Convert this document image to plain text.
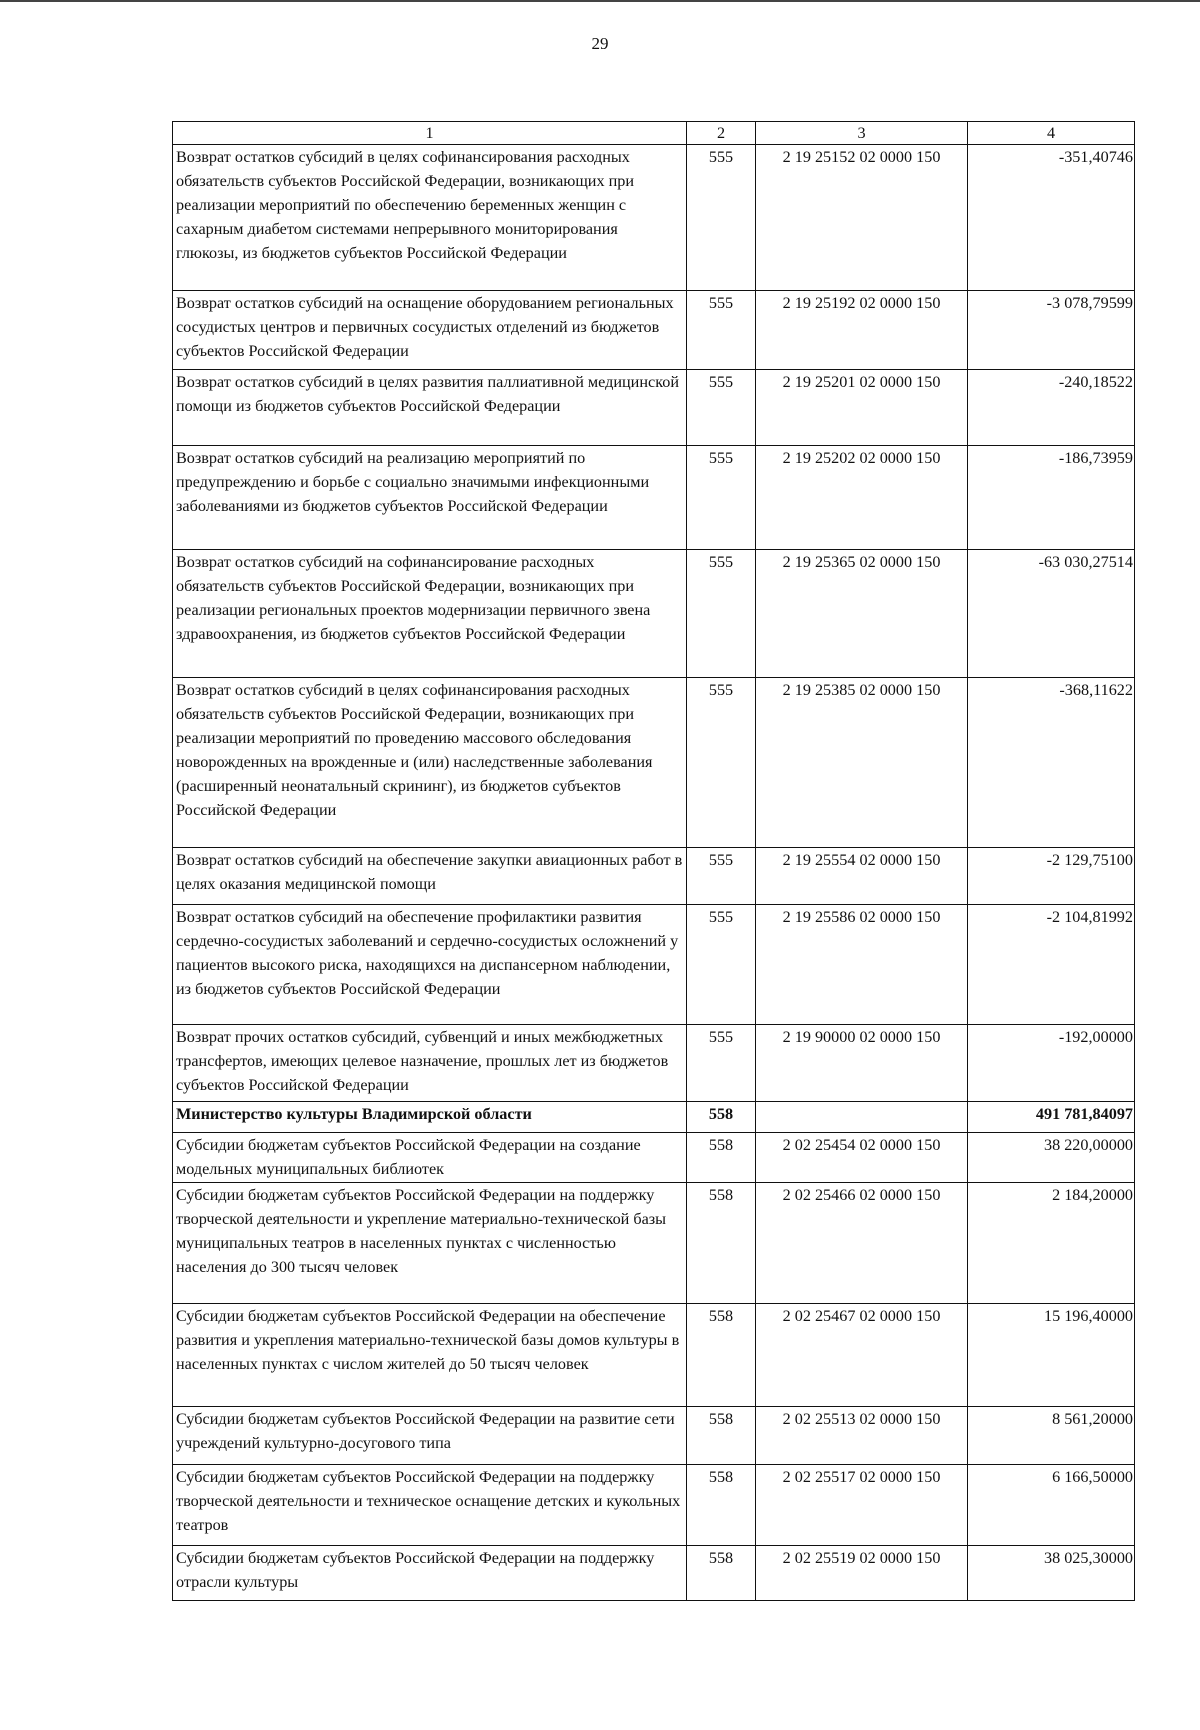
29
1	2	3	4
Возврат остатков субсидий в целях софинансирования расходных обязательств субъектов Российской Федерации, возникающих при реализации мероприятий по обеспечению беременных женщин с сахарным диабетом системами непрерывного мониторирования глюкозы, из бюджетов субъектов Российской Федерации	555	2 19 25152 02 0000 150	-351,40746
Возврат остатков субсидий на оснащение оборудованием региональных сосудистых центров и первичных сосудистых отделений из бюджетов субъектов Российской Федерации	555	2 19 25192 02 0000 150	-3 078,79599
Возврат остатков субсидий в целях развития паллиативной медицинской помощи из бюджетов субъектов Российской Федерации	555	2 19 25201 02 0000 150	-240,18522
Возврат остатков субсидий на реализацию мероприятий по предупреждению и борьбе с социально значимыми инфекционными заболеваниями из бюджетов субъектов Российской Федерации	555	2 19 25202 02 0000 150	-186,73959
Возврат остатков субсидий на софинансирование расходных обязательств субъектов Российской Федерации, возникающих при реализации региональных проектов модернизации первичного звена здравоохранения, из бюджетов субъектов Российской Федерации	555	2 19 25365 02 0000 150	-63 030,27514
Возврат остатков субсидий в целях софинансирования расходных обязательств субъектов Российской Федерации, возникающих при реализации мероприятий по проведению массового обследования новорожденных на врожденные и (или) наследственные заболевания (расширенный неонатальный скрининг), из бюджетов субъектов Российской Федерации	555	2 19 25385 02 0000 150	-368,11622
Возврат остатков субсидий на обеспечение закупки авиационных работ в целях оказания медицинской помощи	555	2 19 25554 02 0000 150	-2 129,75100
Возврат остатков субсидий на обеспечение профилактики развития сердечно-сосудистых заболеваний и сердечно-сосудистых осложнений у пациентов высокого риска, находящихся на диспансерном наблюдении, из бюджетов субъектов Российской Федерации	555	2 19 25586 02 0000 150	-2 104,81992
Возврат прочих остатков субсидий, субвенций и иных межбюджетных трансфертов, имеющих целевое назначение, прошлых лет из бюджетов субъектов Российской Федерации	555	2 19 90000 02 0000 150	-192,00000
Министерство культуры Владимирской области	558		491 781,84097
Субсидии бюджетам субъектов Российской Федерации на создание модельных муниципальных библиотек	558	2 02 25454 02 0000 150	38 220,00000
Субсидии бюджетам субъектов Российской Федерации на поддержку творческой деятельности и укрепление материально-технической базы муниципальных театров в населенных пунктах с численностью населения до 300 тысяч человек	558	2 02 25466 02 0000 150	2 184,20000
Субсидии бюджетам субъектов Российской Федерации на обеспечение развития и укрепления материально-технической базы домов культуры в населенных пунктах с числом жителей до 50 тысяч человек	558	2 02 25467 02 0000 150	15 196,40000
Субсидии бюджетам субъектов Российской Федерации на развитие сети учреждений культурно-досугового типа	558	2 02 25513 02 0000 150	8 561,20000
Субсидии бюджетам субъектов Российской Федерации на поддержку творческой деятельности и техническое оснащение детских и кукольных театров	558	2 02 25517 02 0000 150	6 166,50000
Субсидии бюджетам субъектов Российской Федерации на поддержку отрасли культуры	558	2 02 25519 02 0000 150	38 025,30000
